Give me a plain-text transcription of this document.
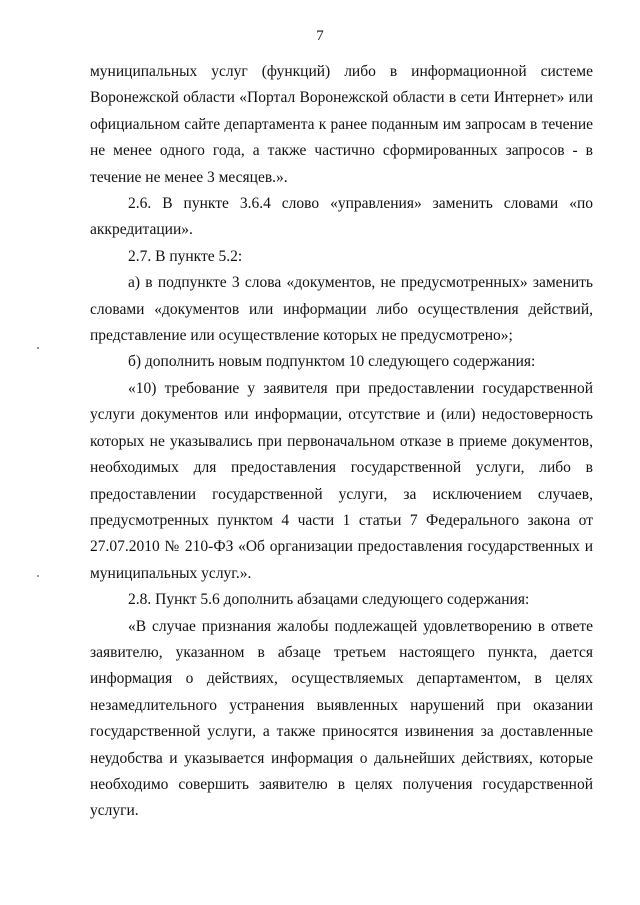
7

муниципальных услуг (функций) либо в информационной системе Воронежской области «Портал Воронежской области в сети Интернет» или официальном сайте департамента к ранее поданным им запросам в течение не менее одного года, а также частично сформированных запросов - в течение не менее 3 месяцев.».

2.6. В пункте 3.6.4 слово «управления» заменить словами «по аккредитации».

2.7. В пункте 5.2:

а) в подпункте 3 слова «документов, не предусмотренных» заменить словами «документов или информации либо осуществления действий, представление или осуществление которых не предусмотрено»;

б) дополнить новым подпунктом 10 следующего содержания:

«10) требование у заявителя при предоставлении государственной услуги документов или информации, отсутствие и (или) недостоверность которых не указывались при первоначальном отказе в приеме документов, необходимых для предоставления государственной услуги, либо в предоставлении государственной услуги, за исключением случаев, предусмотренных пунктом 4 части 1 статьи 7 Федерального закона от 27.07.2010 № 210-ФЗ «Об организации предоставления государственных и муниципальных услуг.».

2.8. Пункт 5.6 дополнить абзацами следующего содержания:

«В случае признания жалобы подлежащей удовлетворению в ответе заявителю, указанном в абзаце третьем настоящего пункта, дается информация о действиях, осуществляемых департаментом, в целях незамедлительного устранения выявленных нарушений при оказании государственной услуги, а также приносятся извинения за доставленные неудобства и указывается информация о дальнейших действиях, которые необходимо совершить заявителю в целях получения государственной услуги.
